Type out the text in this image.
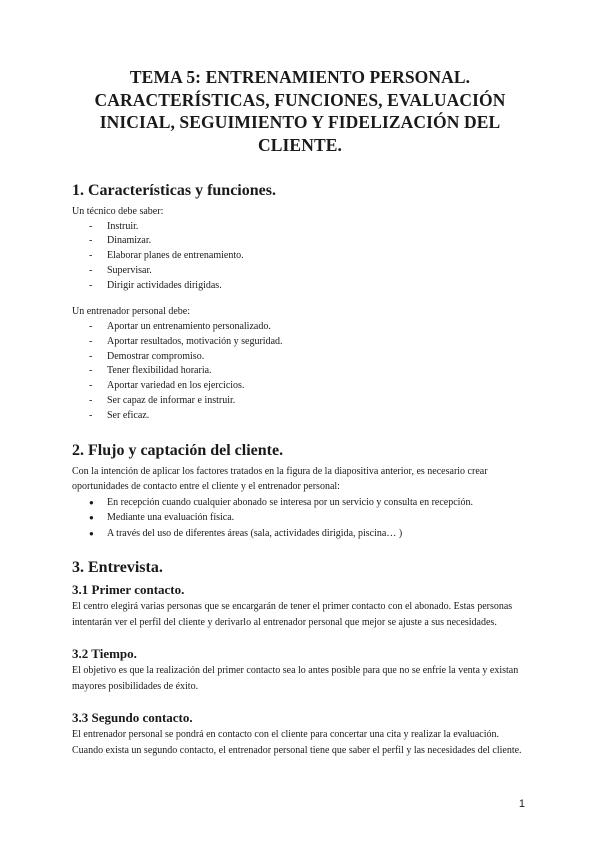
TEMA 5: ENTRENAMIENTO PERSONAL. CARACTERÍSTICAS, FUNCIONES, EVALUACIÓN INICIAL, SEGUIMIENTO Y FIDELIZACIÓN DEL CLIENTE.
1. Características y funciones.

Un técnico debe saber:

- Instruir.
- Dinamizar.
- Elaborar planes de entrenamiento.
- Supervisar.
- Dirigir actividades dirigidas.

Un entrenador personal debe:

- Aportar un entrenamiento personalizado.
- Aportar resultados, motivación y seguridad.
- Demostrar compromiso.
- Tener flexibilidad horaria.
- Aportar variedad en los ejercicios.
- Ser capaz de informar e instruir.
- Ser eficaz.
2. Flujo y captación del cliente.

Con la intención de aplicar los factores tratados en la figura de la diapositiva anterior, es necesario crear oportunidades de contacto entre el cliente y el entrenador personal:

● En recepción cuando cualquier abonado se interesa por un servicio y consulta en recepción.
● Mediante una evaluación física.
● A través del uso de diferentes áreas (sala, actividades dirigida, piscina… )
3. Entrevista.
3.1 Primer contacto.

El centro elegirá varias personas que se encargarán de tener el primer contacto con el abonado. Estas personas intentarán ver el perfil del cliente y derivarlo al entrenador personal que mejor se ajuste a sus necesidades.

3.2 Tiempo.

El objetivo es que la realización del primer contacto sea lo antes posible para que no se enfríe la venta y existan mayores posibilidades de éxito.

3.3 Segundo contacto.

El entrenador personal se pondrá en contacto con el cliente para concertar una cita y realizar la evaluación. Cuando exista un segundo contacto, el entrenador personal tiene que saber el perfil y las necesidades del cliente.

1
